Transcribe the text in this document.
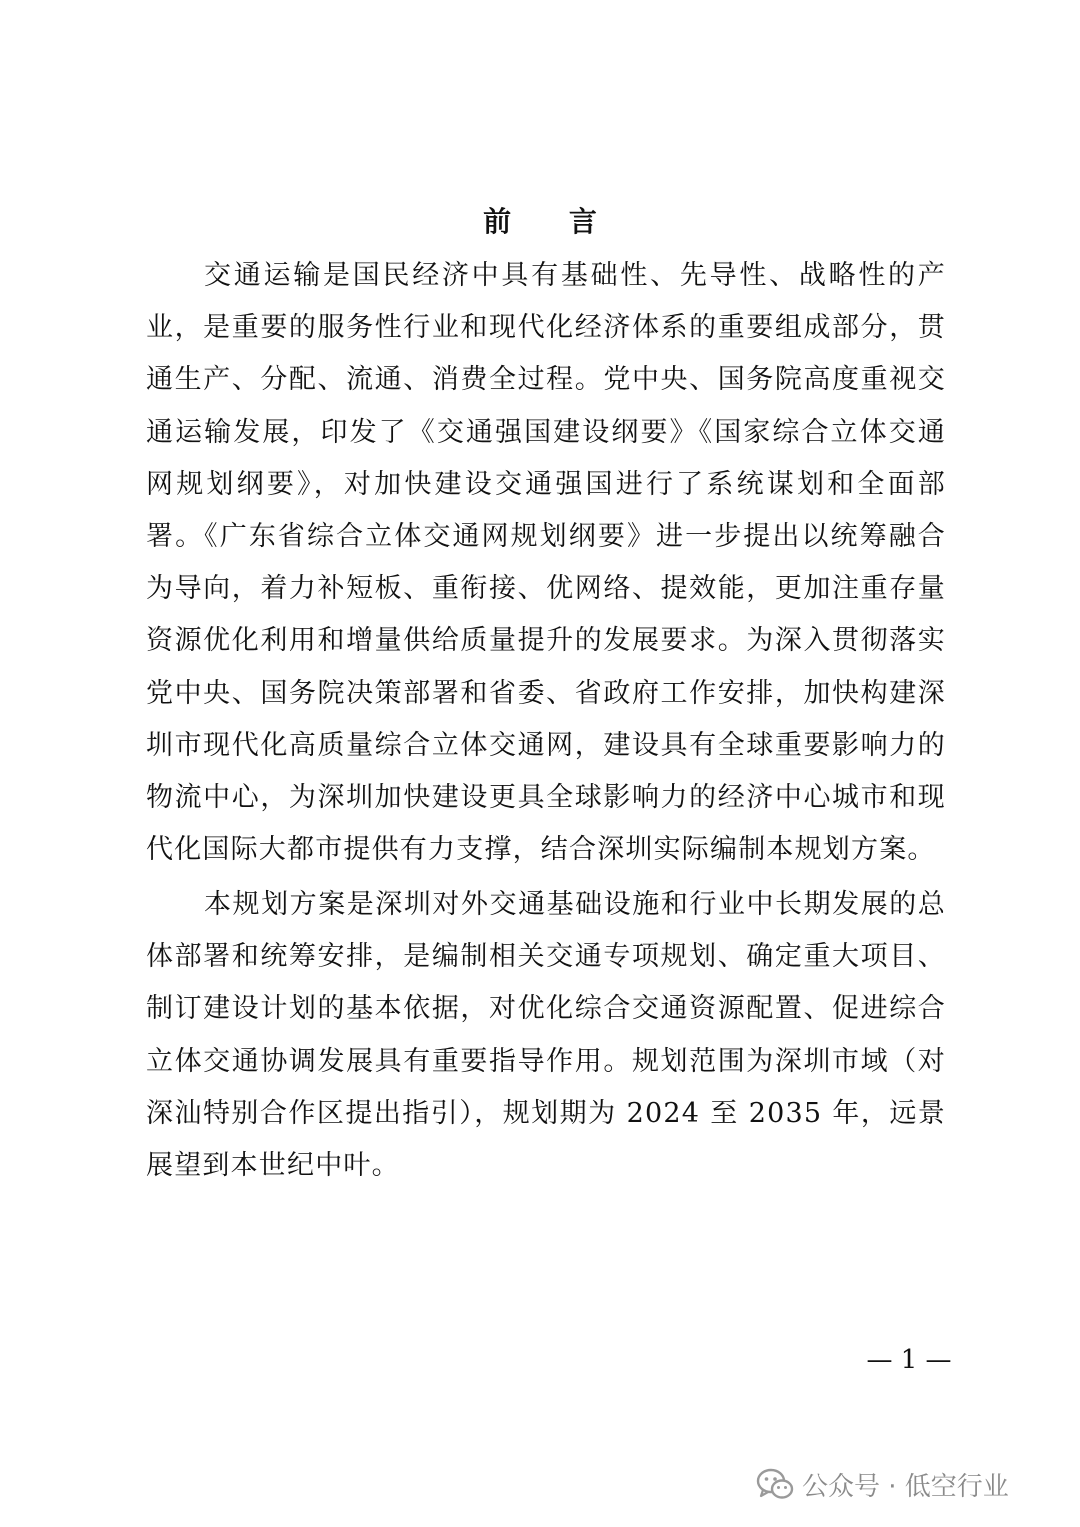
前 言

交通运输是国民经济中具有基础性、先导性、战略性的产业，是重要的服务性行业和现代化经济体系的重要组成部分，贯通生产、分配、流通、消费全过程。党中央、国务院高度重视交通运输发展，印发了《交通强国建设纲要》《国家综合立体交通网规划纲要》，对加快建设交通强国进行了系统谋划和全面部署。《广东省综合立体交通网规划纲要》进一步提出以统筹融合为导向，着力补短板、重衔接、优网络、提效能，更加注重存量资源优化利用和增量供给质量提升的发展要求。为深入贯彻落实党中央、国务院决策部署和省委、省政府工作安排，加快构建深圳市现代化高质量综合立体交通网，建设具有全球重要影响力的物流中心，为深圳加快建设更具全球影响力的经济中心城市和现代化国际大都市提供有力支撑，结合深圳实际编制本规划方案。

本规划方案是深圳对外交通基础设施和行业中长期发展的总体部署和统筹安排，是编制相关交通专项规划、确定重大项目、制订建设计划的基本依据，对优化综合交通资源配置、促进综合立体交通协调发展具有重要指导作用。规划范围为深圳市域（对深汕特别合作区提出指引），规划期为 2024 至 2035 年，远景展望到本世纪中叶。

— 1 —
公众号 · 低空行业
